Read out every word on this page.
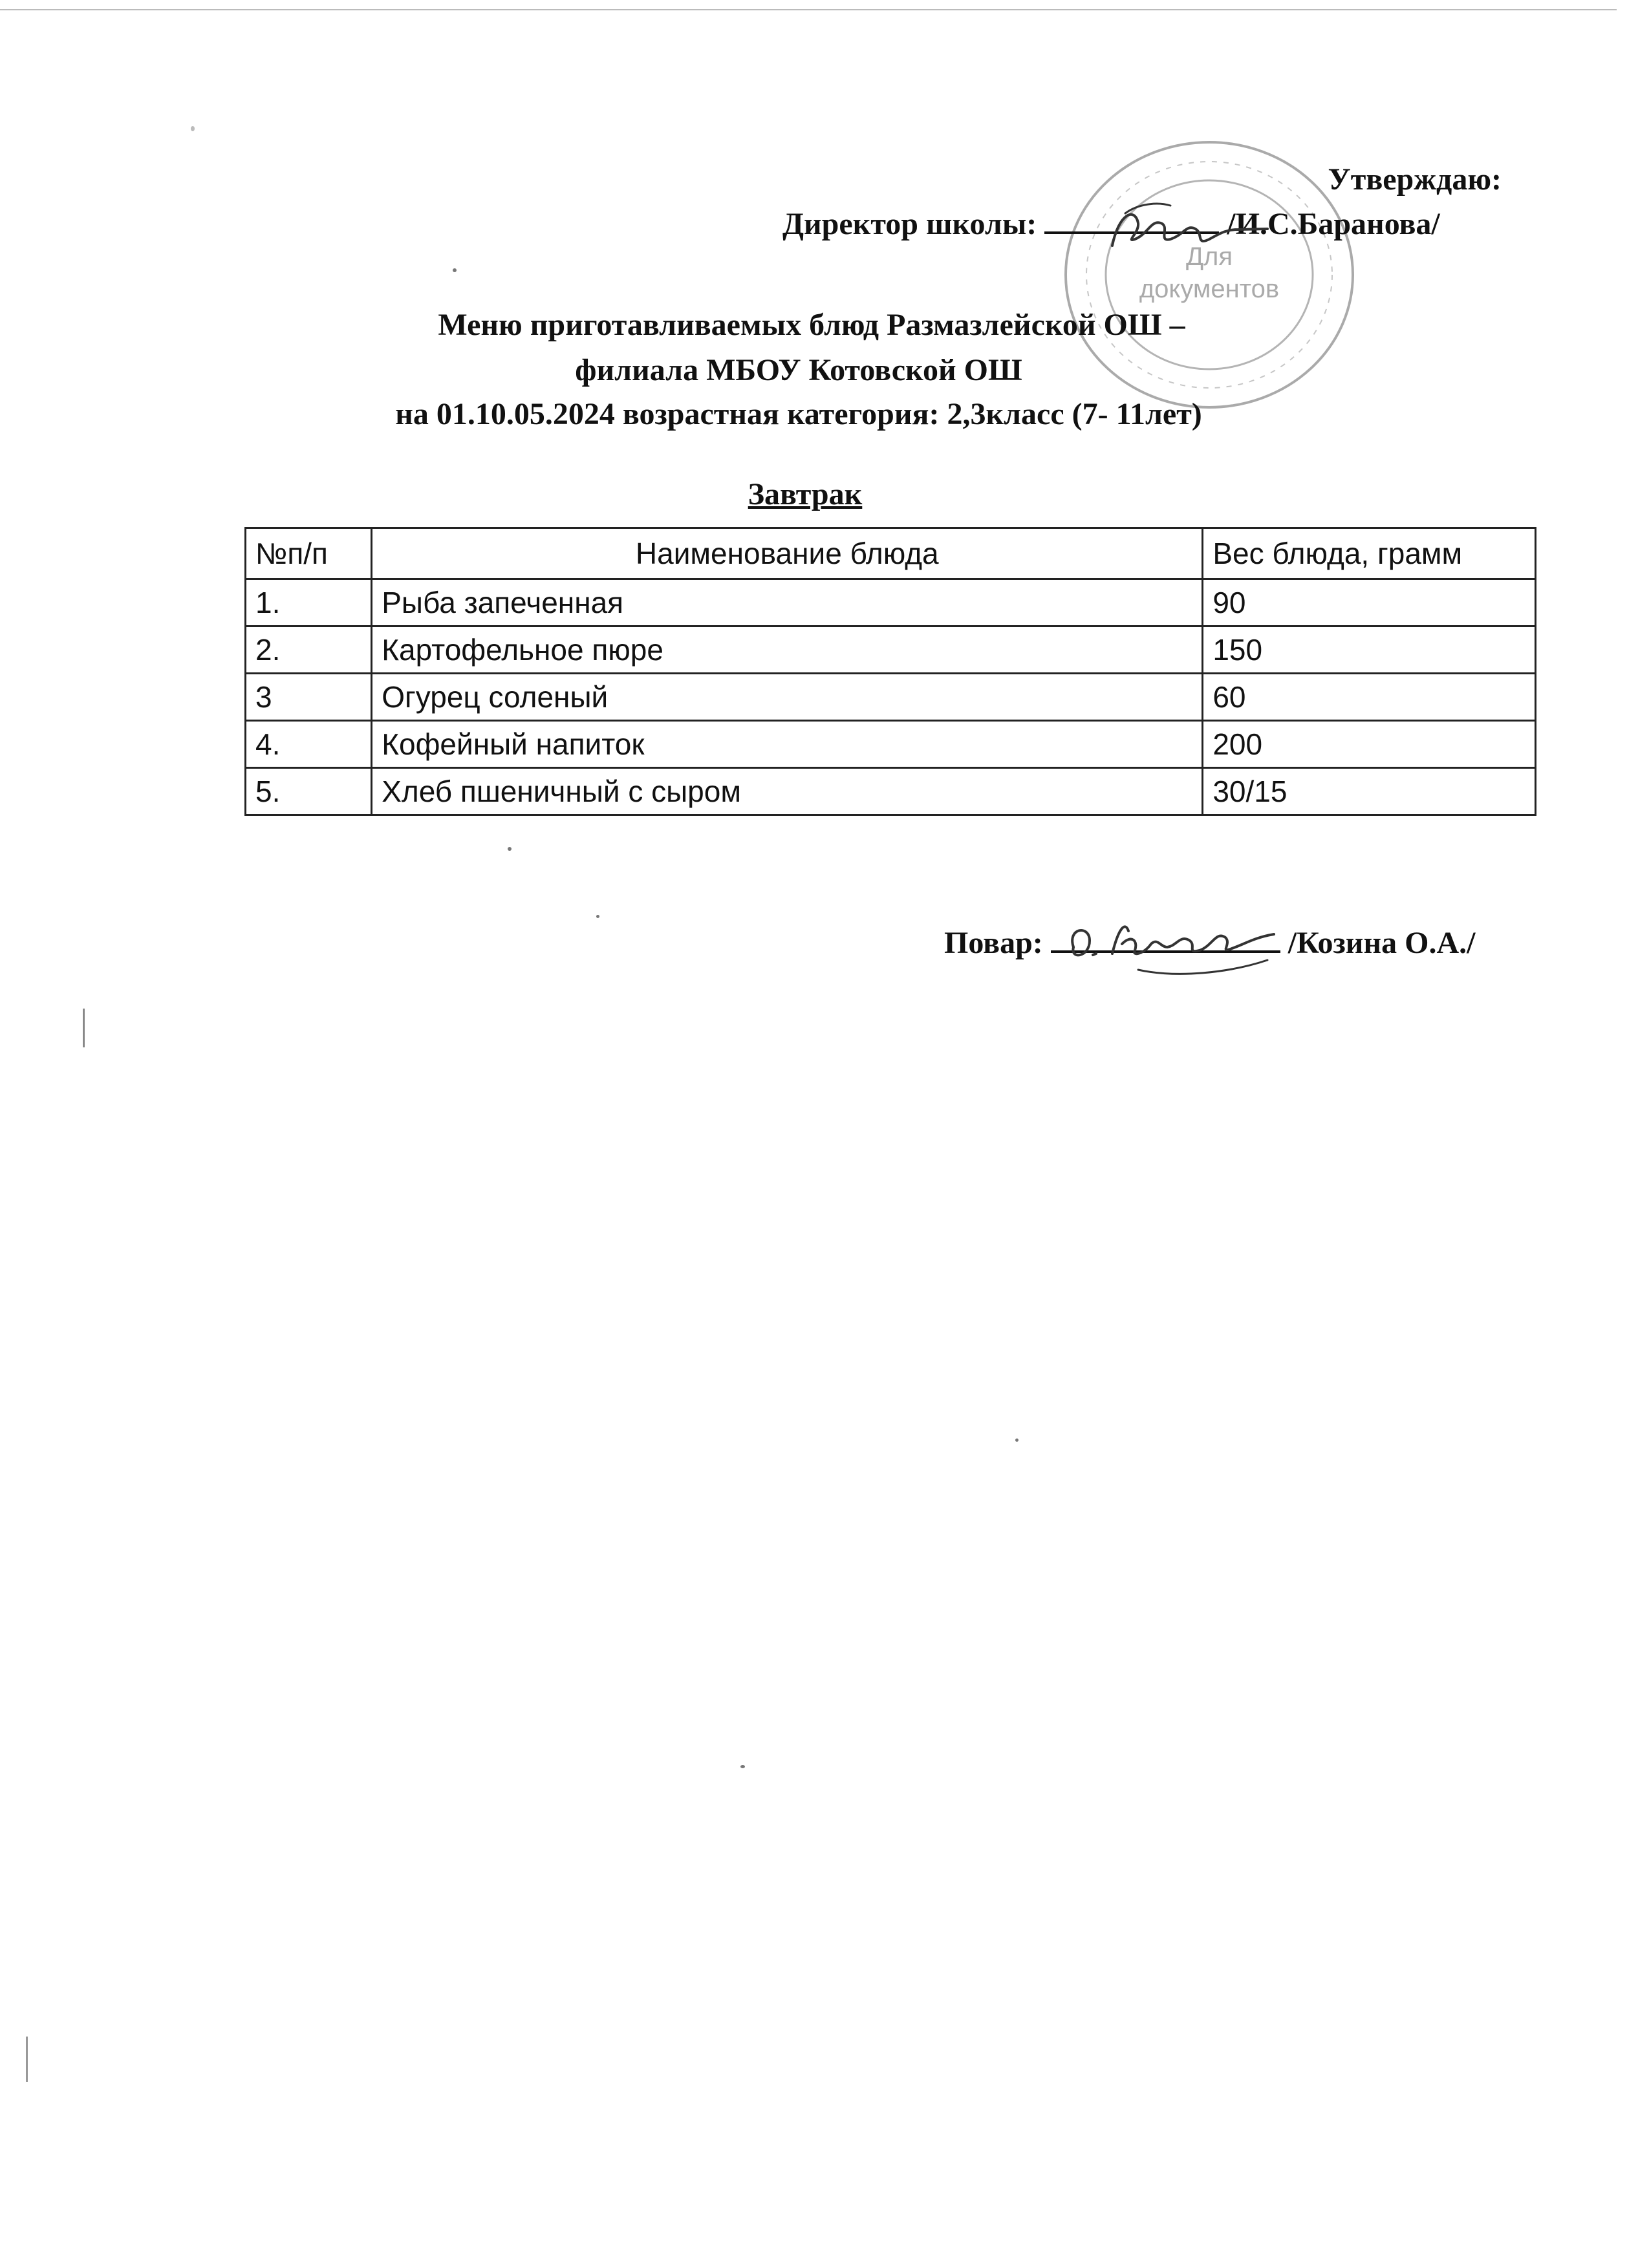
Для
документов
Утверждаю:
Директор школы:	/И.С.Баранова/
Меню приготавливаемых блюд Размазлейской ОШ –
филиала МБОУ Котовской ОШ
на 01.10.05.2024 возрастная категория: 2,3класс (7- 11лет)
Завтрак
№п/п	Наименование блюда	Вес блюда, грамм
1.	Рыба запеченная	90
2.	Картофельное пюре	150
3	Огурец соленый	60
4.	Кофейный напиток	200
5.	Хлеб пшеничный с сыром	30/15
Повар:	/Козина О.А./
